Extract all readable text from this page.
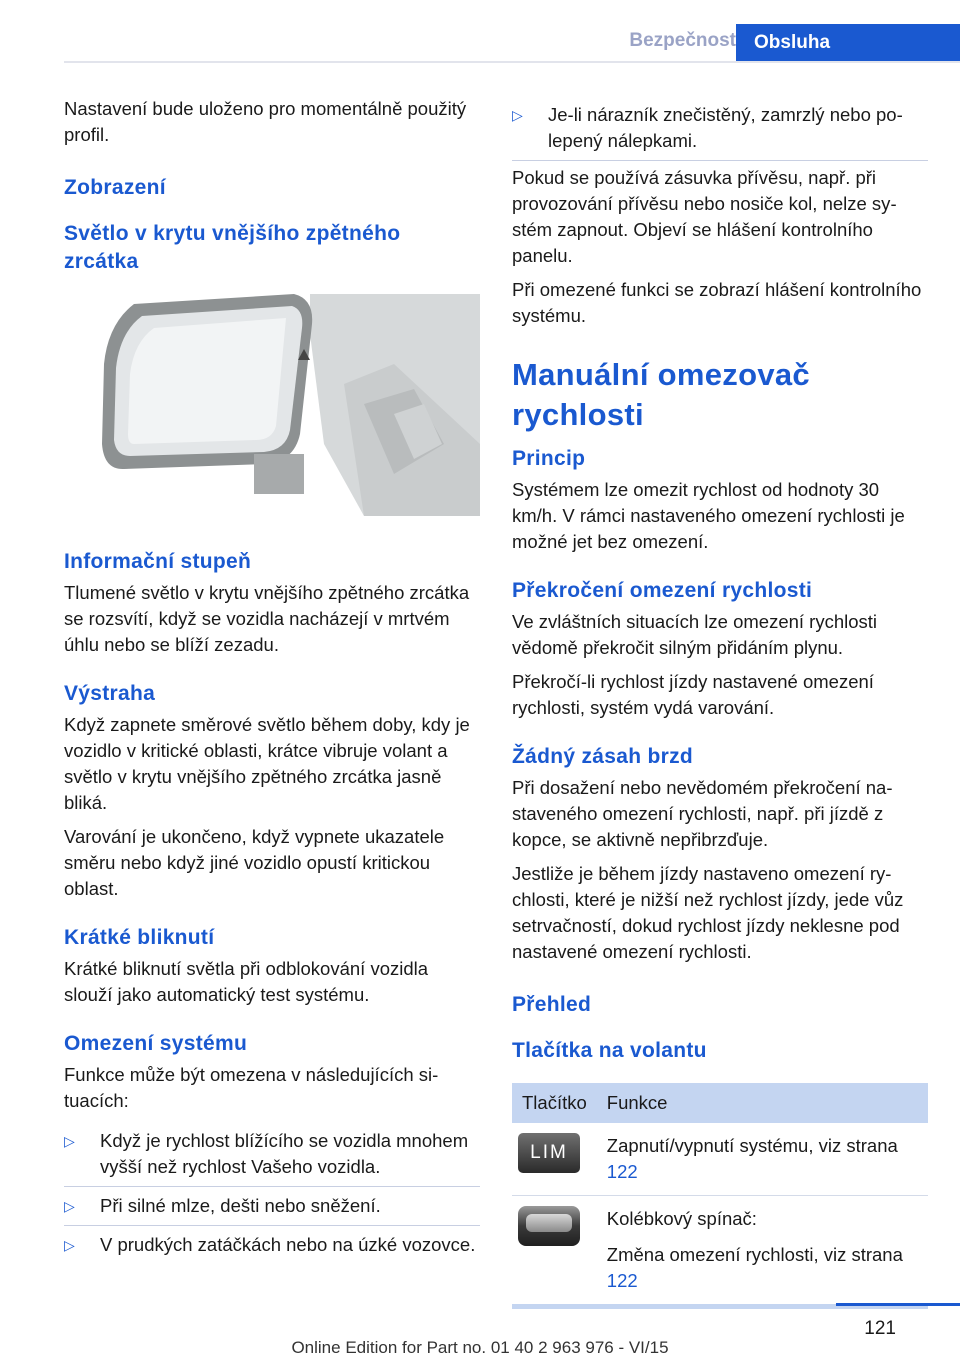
Bezpečnost Obsluha

Nastavení bude uloženo pro momentálně použitý profil.

Zobrazení
Světlo v krytu vnějšího zpětného zrcátka
Informační stupeň

Tlumené světlo v krytu vnějšího zpětného zrcátka se rozsvítí, když se vozidla nacházejí v mrtvém úhlu nebo se blíží zezadu.

Výstraha

Když zapnete směrové světlo během doby, kdy je vozidlo v kritické oblasti, krátce vibruje volant a světlo v krytu vnějšího zpětného zrcátka jasně bliká.

Varování je ukončeno, když vypnete ukazatele směru nebo když jiné vozidlo opustí kritickou oblast.

Krátké bliknutí

Krátké bliknutí světla při odblokování vozidla slouží jako automatický test systému.

Omezení systému

Funkce může být omezena v následujících situacích:

▷ Když je rychlost blížícího se vozidla mnohem vyšší než rychlost Vašeho vozidla.
▷ Při silné mlze, dešti nebo sněžení.
▷ V prudkých zatáčkách nebo na úzké vozovce.
▷ Je-li nárazník znečistěný, zamrzlý nebo polepený nálepkami.

Pokud se používá zásuvka přívěsu, např. při provozování přívěsu nebo nosiče kol, nelze systém zapnout. Objeví se hlášení kontrolního panelu.

Při omezené funkci se zobrazí hlášení kontrolního systému.

Manuální omezovač rychlosti
Princip

Systémem lze omezit rychlost od hodnoty 30 km/h. V rámci nastaveného omezení rychlosti je možné jet bez omezení.

Překročení omezení rychlosti

Ve zvláštních situacích lze omezení rychlosti vědomě překročit silným přidáním plynu.

Překročí-li rychlost jízdy nastavené omezení rychlosti, systém vydá varování.

Žádný zásah brzd

Při dosažení nebo nevědomém překročení nastaveného omezení rychlosti, např. při jízdě z kopce, se aktivně nepřibrzďuje.

Jestliže je během jízdy nastaveno omezení rychlosti, které je nižší než rychlost jízdy, jede vůz setrvačností, dokud rychlost jízdy neklesne pod nastavené omezení rychlosti.

Přehled
Tlačítka na volantu
Tlačítko	Funkce

LIM	Zapnutí/vypnutí systému, viz strana 122

	Kolébkový spínač:
Změna omezení rychlosti, viz strana 122
121
Online Edition for Part no. 01 40 2 963 976 - VI/15
